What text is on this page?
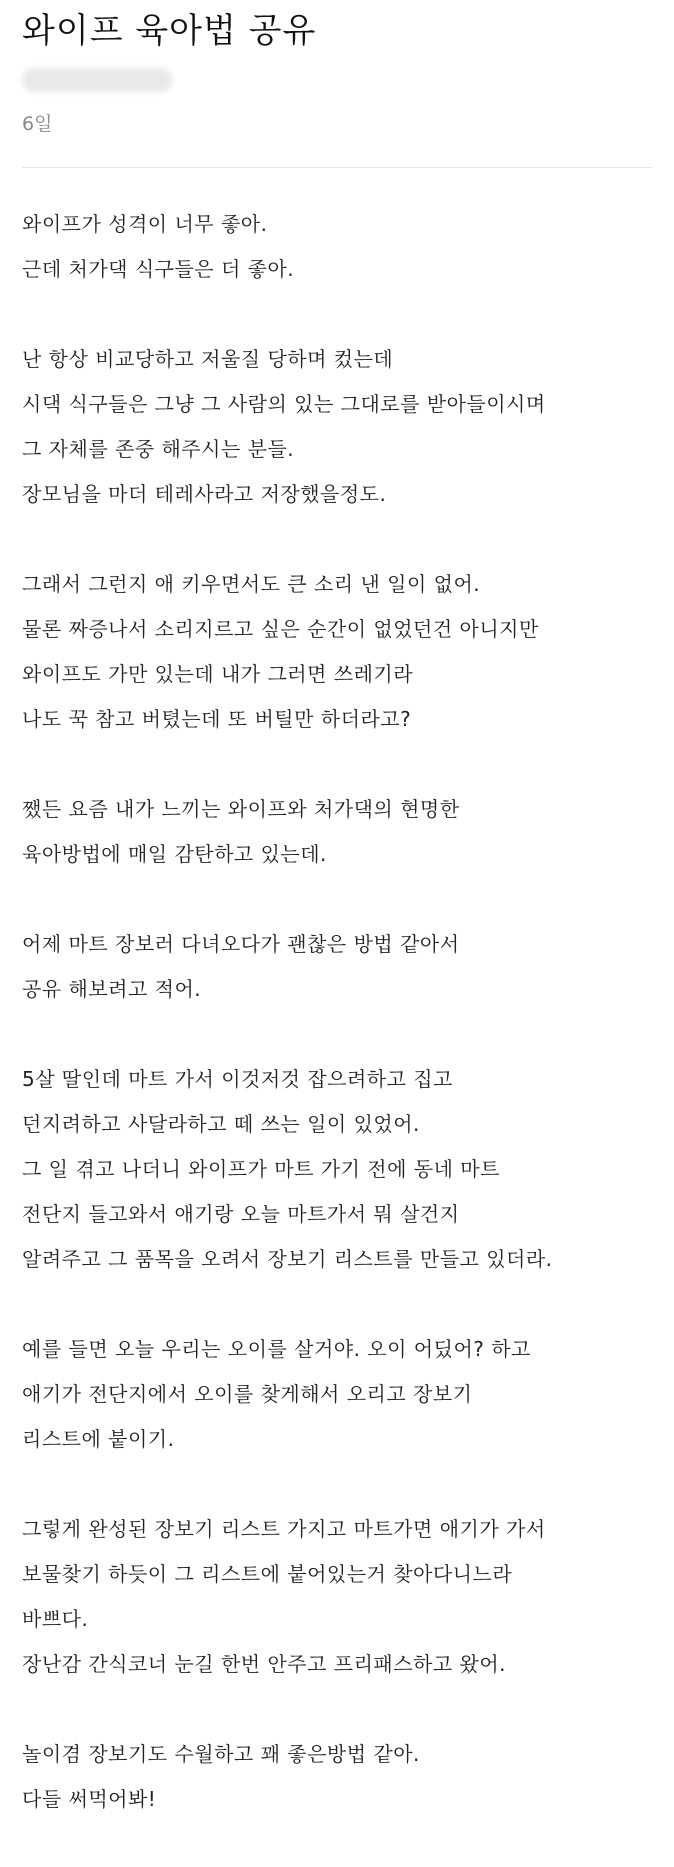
와이프 육아법 공유
6일
와이프가 성격이 너무 좋아.
근데 처가댁 식구들은 더 좋아.
난 항상 비교당하고 저울질 당하며 컸는데
시댁 식구들은 그냥 그 사람의 있는 그대로를 받아들이시며
그 자체를 존중 해주시는 분들.
장모님을 마더 테레사라고 저장했을정도.
그래서 그런지 애 키우면서도 큰 소리 낸 일이 없어.
물론 짜증나서 소리지르고 싶은 순간이 없었던건 아니지만
와이프도 가만 있는데 내가 그러면 쓰레기라
나도 꾹 참고 버텼는데 또 버틸만 하더라고?
쨌든 요즘 내가 느끼는 와이프와 처가댁의 현명한
육아방법에 매일 감탄하고 있는데.
어제 마트 장보러 다녀오다가 괜찮은 방법 같아서
공유 해보려고 적어.
5살 딸인데 마트 가서 이것저것 잡으려하고 집고
던지려하고 사달라하고 떼 쓰는 일이 있었어.
그 일 겪고 나더니 와이프가 마트 가기 전에 동네 마트
전단지 들고와서 애기랑 오늘 마트가서 뭐 살건지
알려주고 그 품목을 오려서 장보기 리스트를 만들고 있더라.
예를 들면 오늘 우리는 오이를 살거야. 오이 어딨어? 하고
애기가 전단지에서 오이를 찾게해서 오리고 장보기
리스트에 붙이기.
그렇게 완성된 장보기 리스트 가지고 마트가면 애기가 가서
보물찾기 하듯이 그 리스트에 붙어있는거 찾아다니느라
바쁘다.
장난감 간식코너 눈길 한번 안주고 프리패스하고 왔어.
놀이겸 장보기도 수월하고 꽤 좋은방법 같아.
다들 써먹어봐!
